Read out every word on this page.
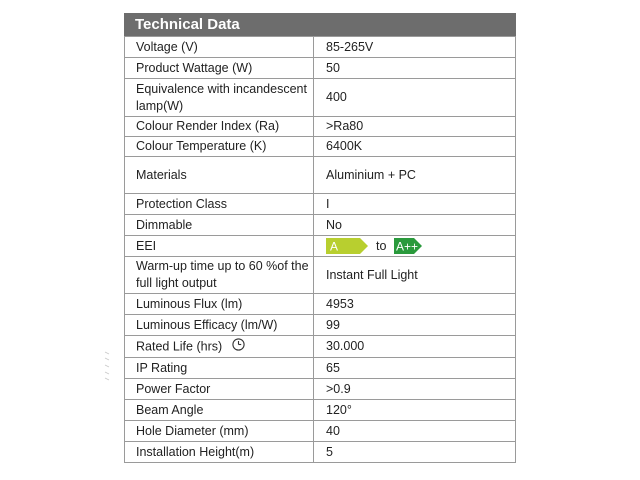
Technical Data
Voltage (V)	85-265V
Product Wattage (W)	50
Equivalence with incandescent lamp(W)	400
Colour Render Index (Ra)	>Ra80
Colour Temperature (K)	6400K
Materials	Aluminium + PC
Protection Class	I
Dimmable	No
EEI	A to A++

Warm-up time up to 60 %of the full light output	Instant Full Light
Luminous Flux (lm)	4953
Luminous Efficacy (lm/W)	99
Rated Life (hrs)	30.000
IP Rating	65
Power Factor	>0.9
Beam Angle	120°
Hole Diameter (mm)	40
Installation Height(m)	5
